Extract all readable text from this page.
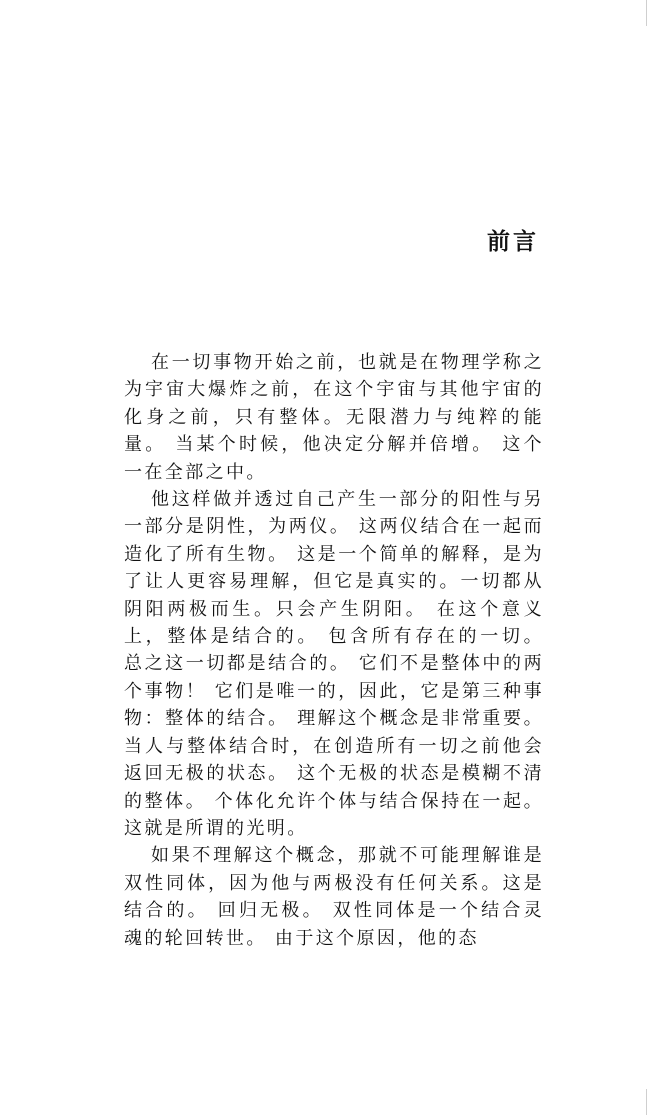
前言

在一切事物开始之前，也就是在物理学称之为宇宙大爆炸之前，在这个宇宙与其他宇宙的化身之前，只有整体。无限潜力与纯粹的能量。 当某个时候，他决定分解并倍增。 这个一在全部之中。

他这样做并透过自己产生一部分的阳性与另一部分是阴性，为两仪。 这两仪结合在一起而造化了所有生物。 这是一个简单的解释，是为了让人更容易理解，但它是真实的。一切都从阴阳两极而生。只会产生阴阳。 在这个意义上，整体是结合的。 包含所有存在的一切。 总之这一切都是结合的。 它们不是整体中的两个事物！ 它们是唯一的，因此，它是第三种事物：整体的结合。 理解这个概念是非常重要。 当人与整体结合时，在创造所有一切之前他会返回无极的状态。 这个无极的状态是模糊不清的整体。 个体化允许个体与结合保持在一起。 这就是所谓的光明。

如果不理解这个概念，那就不可能理解谁是双性同体，因为他与两极没有任何关系。这是结合的。 回归无极。 双性同体是一个结合灵魂的轮回转世。 由于这个原因，他的态
